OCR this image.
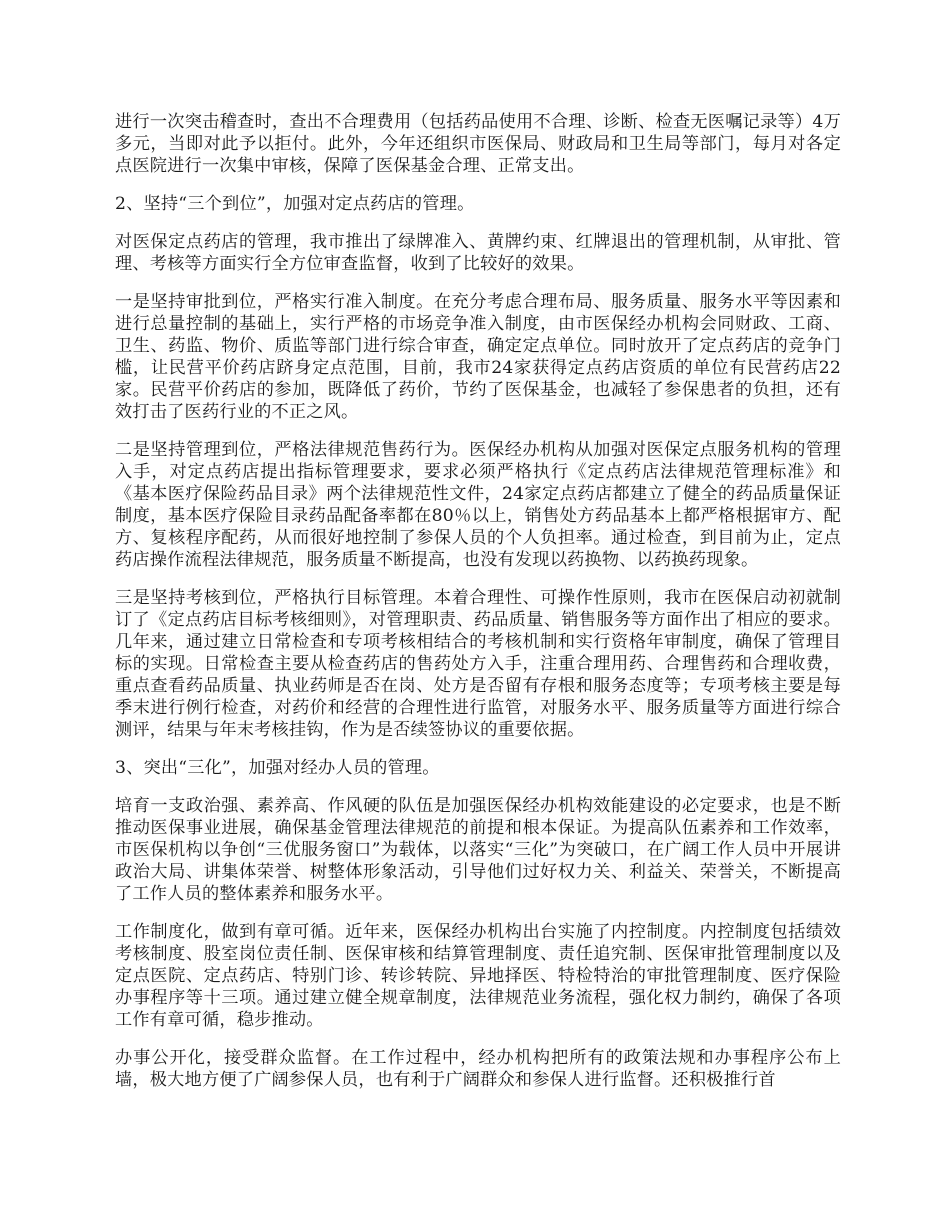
进行一次突击稽查时，查出不合理费用（包括药品使用不合理、诊断、检查无医嘱记录等）4万多元，当即对此予以拒付。此外，今年还组织市医保局、财政局和卫生局等部门，每月对各定点医院进行一次集中审核，保障了医保基金合理、正常支出。

2、坚持“三个到位”，加强对定点药店的管理。

对医保定点药店的管理，我市推出了绿牌准入、黄牌约束、红牌退出的管理机制，从审批、管理、考核等方面实行全方位审查监督，收到了比较好的效果。

一是坚持审批到位，严格实行准入制度。在充分考虑合理布局、服务质量、服务水平等因素和进行总量控制的基础上，实行严格的市场竞争准入制度，由市医保经办机构会同财政、工商、卫生、药监、物价、质监等部门进行综合审查，确定定点单位。同时放开了定点药店的竞争门槛，让民营平价药店跻身定点范围，目前，我市24家获得定点药店资质的单位有民营药店22家。民营平价药店的参加，既降低了药价，节约了医保基金，也减轻了参保患者的负担，还有效打击了医药行业的不正之风。

二是坚持管理到位，严格法律规范售药行为。医保经办机构从加强对医保定点服务机构的管理入手，对定点药店提出指标管理要求，要求必须严格执行《定点药店法律规范管理标准》和《基本医疗保险药品目录》两个法律规范性文件，24家定点药店都建立了健全的药品质量保证制度，基本医疗保险目录药品配备率都在80％以上，销售处方药品基本上都严格根据审方、配方、复核程序配药，从而很好地控制了参保人员的个人负担率。通过检查，到目前为止，定点药店操作流程法律规范，服务质量不断提高，也没有发现以药换物、以药换药现象。

三是坚持考核到位，严格执行目标管理。本着合理性、可操作性原则，我市在医保启动初就制订了《定点药店目标考核细则》，对管理职责、药品质量、销售服务等方面作出了相应的要求。几年来，通过建立日常检查和专项考核相结合的考核机制和实行资格年审制度，确保了管理目标的实现。日常检查主要从检查药店的售药处方入手，注重合理用药、合理售药和合理收费，重点查看药品质量、执业药师是否在岗、处方是否留有存根和服务态度等；专项考核主要是每季末进行例行检查，对药价和经营的合理性进行监管，对服务水平、服务质量等方面进行综合测评，结果与年末考核挂钩，作为是否续签协议的重要依据。

3、突出“三化”，加强对经办人员的管理。

培育一支政治强、素养高、作风硬的队伍是加强医保经办机构效能建设的必定要求，也是不断推动医保事业进展，确保基金管理法律规范的前提和根本保证。为提高队伍素养和工作效率，市医保机构以争创“三优服务窗口”为载体，以落实“三化”为突破口，在广阔工作人员中开展讲政治大局、讲集体荣誉、树整体形象活动，引导他们过好权力关、利益关、荣誉关，不断提高了工作人员的整体素养和服务水平。

工作制度化，做到有章可循。近年来，医保经办机构出台实施了内控制度。内控制度包括绩效考核制度、股室岗位责任制、医保审核和结算管理制度、责任追究制、医保审批管理制度以及定点医院、定点药店、特别门诊、转诊转院、异地择医、特检特治的审批管理制度、医疗保险办事程序等十三项。通过建立健全规章制度，法律规范业务流程，强化权力制约，确保了各项工作有章可循，稳步推动。

办事公开化，接受群众监督。在工作过程中，经办机构把所有的政策法规和办事程序公布上墙，极大地方便了广阔参保人员，也有利于广阔群众和参保人进行监督。还积极推行首
